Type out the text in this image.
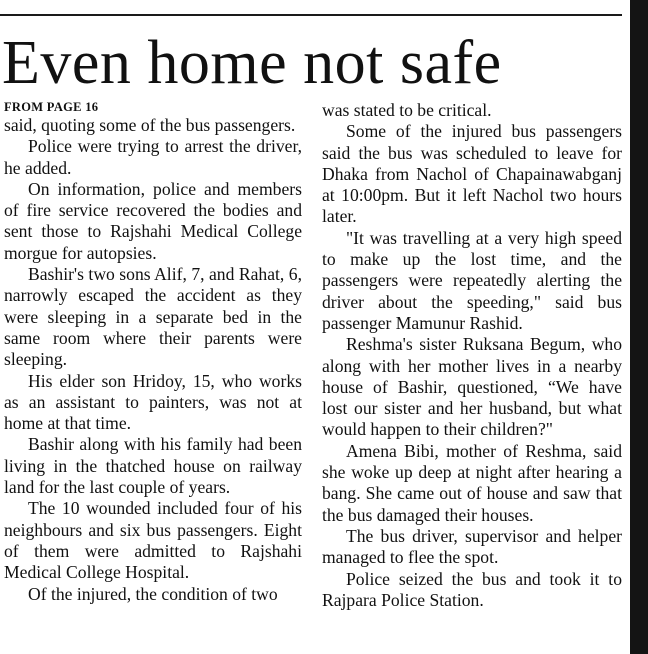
Even home not safe
FROM PAGE 16

said, quoting some of the bus passengers.

Police were trying to arrest the driver, he added.

On information, police and members of fire service recovered the bodies and sent those to Rajshahi Medical College morgue for autopsies.

Bashir's two sons Alif, 7, and Rahat, 6, narrowly escaped the accident as they were sleeping in a separate bed in the same room where their parents were sleeping.

His elder son Hridoy, 15, who works as an assistant to painters, was not at home at that time.

Bashir along with his family had been living in the thatched house on railway land for the last couple of years.

The 10 wounded included four of his neighbours and six bus passengers. Eight of them were admitted to Rajshahi Medical College Hospital.

Of the injured, the condition of two

was stated to be critical.

Some of the injured bus passengers said the bus was scheduled to leave for Dhaka from Nachol of Chapainawabganj at 10:00pm. But it left Nachol two hours later.

"It was travelling at a very high speed to make up the lost time, and the passengers were repeatedly alerting the driver about the speeding," said bus passenger Mamunur Rashid.

Reshma's sister Ruksana Begum, who along with her mother lives in a nearby house of Bashir, questioned, “We have lost our sister and her husband, but what would happen to their children?"

Amena Bibi, mother of Reshma, said she woke up deep at night after hearing a bang. She came out of house and saw that the bus damaged their houses.

The bus driver, supervisor and helper managed to flee the spot.

Police seized the bus and took it to Rajpara Police Station.
